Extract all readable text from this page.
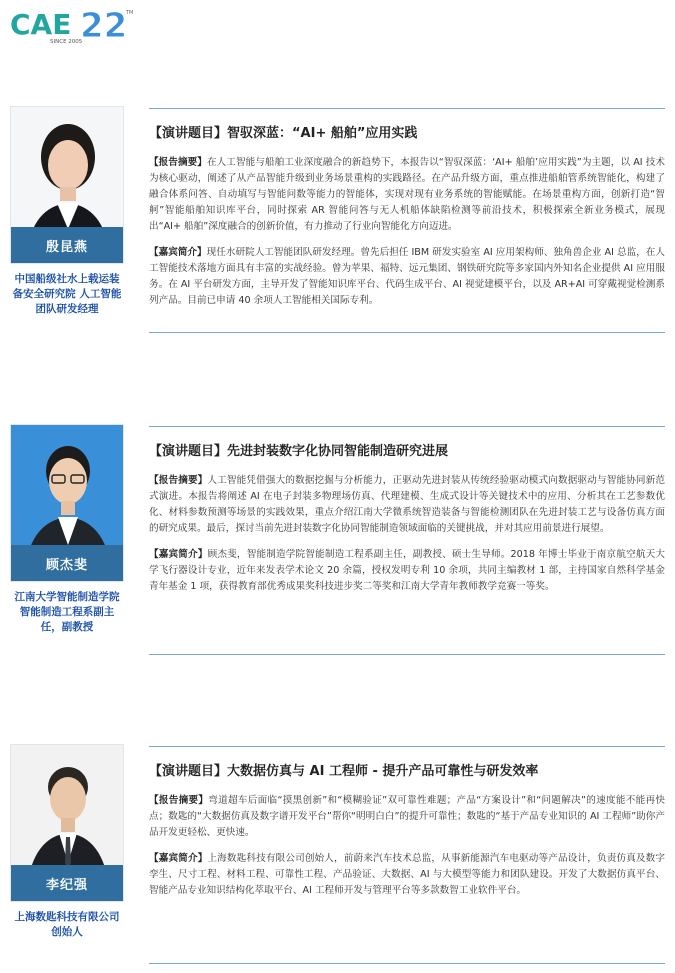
CAE 22
TM
SINCE 2005
殷昆燕
中国船级社水上载运装备安全研究院 人工智能团队研发经理
【演讲题目】智驭深蓝：“AI+ 船舶”应用实践

【报告摘要】在人工智能与船舶工业深度融合的新趋势下，本报告以“智驭深蓝：‘AI+ 船舶’应用实践”为主题，以 AI 技术为核心驱动，阐述了从产品智能升级到业务场景重构的实践路径。在产品升级方面，重点推进船舶管系统智能化，构建了融合体系问答、自动填写与智能问数等能力的智能体，实现对现有业务系统的智能赋能。在场景重构方面，创新打造“智舸”智能船舶知识库平台，同时探索 AR 智能问答与无人机船体缺陷检测等前沿技术，积极探索全新业务模式，展现出“AI+ 船舶”深度融合的创新价值，有力推动了行业向智能化方向迈进。

【嘉宾简介】现任水研院人工智能团队研发经理。曾先后担任 IBM 研发实验室 AI 应用架构师、独角兽企业 AI 总监，在人工智能技术落地方面具有丰富的实战经验。曾为苹果、福特、远元集团、钢铁研究院等多家国内外知名企业提供 AI 应用服务。在 AI 平台研发方面，主导开发了智能知识库平台、代码生成平台、AI 视觉建模平台，以及 AR+AI 可穿戴视觉检测系列产品。目前已申请 40 余项人工智能相关国际专利。

顾杰斐
江南大学智能制造学院智能制造工程系副主任，副教授
【演讲题目】先进封装数字化协同智能制造研究进展

【报告摘要】人工智能凭借强大的数据挖掘与分析能力，正驱动先进封装从传统经验驱动模式向数据驱动与智能协同新范式演进。本报告将阐述 AI 在电子封装多物理场仿真、代理建模、生成式设计等关键技术中的应用、分析其在工艺参数优化、材料参数预测等场景的实践效果，重点介绍江南大学微系统智造装备与智能检测团队在先进封装工艺与设备仿真方面的研究成果。最后，探讨当前先进封装数字化协同智能制造领域面临的关键挑战，并对其应用前景进行展望。

【嘉宾简介】顾杰斐，智能制造学院智能制造工程系副主任，副教授、硕士生导师。2018 年博士毕业于南京航空航天大学飞行器设计专业，近年来发表学术论文 20 余篇，授权发明专利 10 余项，共同主编教材 1 部，主持国家自然科学基金青年基金 1 项，获得教育部优秀成果奖科技进步奖二等奖和江南大学青年教师教学竞赛一等奖。

李纪强
上海数匙科技有限公司创始人
【演讲题目】大数据仿真与 AI 工程师 - 提升产品可靠性与研发效率

【报告摘要】弯道超车后面临“摸黑创新”和“模糊验证”双可靠性难题；产品“方案设计”和“问题解决”的速度能不能再快点；数匙的“大数据仿真及数字谱开发平台”帮你“明明白白”的提升可靠性；数匙的“基于产品专业知识的 AI 工程师”助你产品开发更轻松、更快速。

【嘉宾简介】上海数匙科技有限公司创始人，前蔚来汽车技术总监，从事新能源汽车电驱动等产品设计，负责仿真及数字孪生、尺寸工程、材料工程、可靠性工程、产品验证、大数据、AI 与大模型等能力和团队建设。开发了大数据仿真平台、智能产品专业知识结构化萃取平台、AI 工程师开发与管理平台等多款数智工业软件平台。
